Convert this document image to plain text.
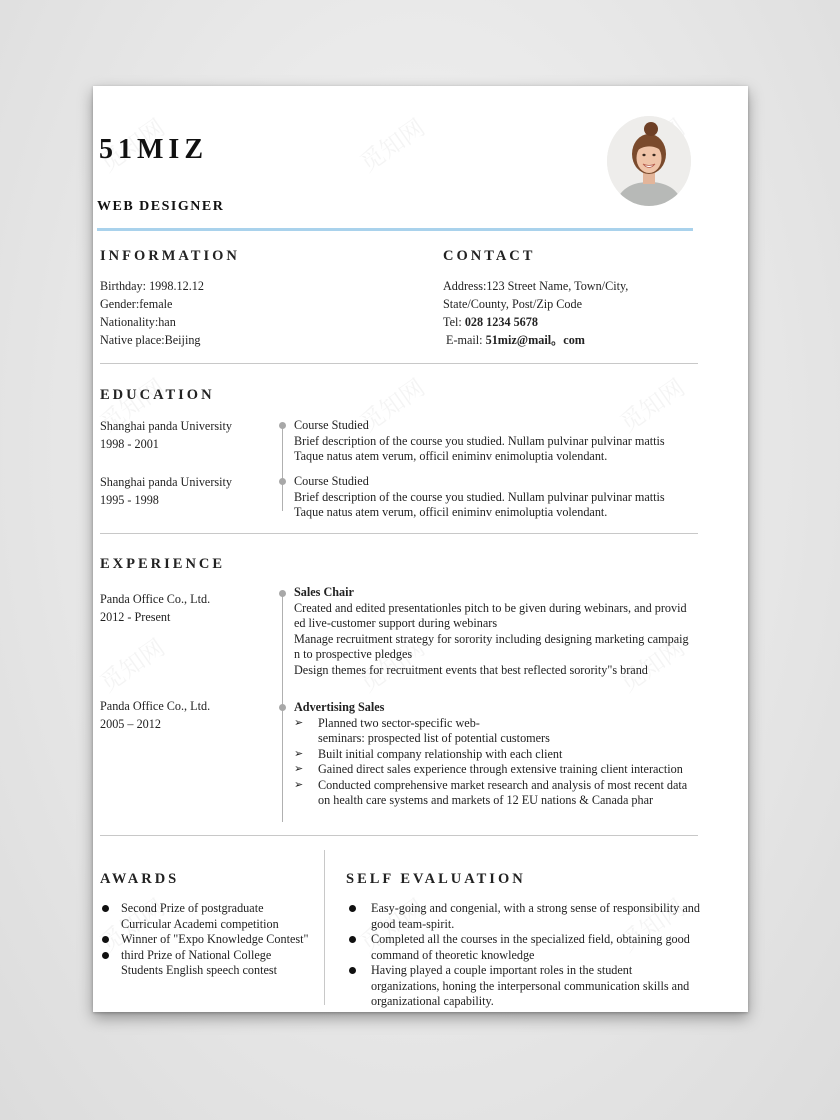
51MIZ
WEB DESIGNER
INFORMATION
Birthday: 1998.12.12
Gender:female
Nationality:han
Native place:Beijing
CONTACT
Address:123 Street Name, Town/City,
State/County, Post/Zip Code
Tel: 028 1234 5678
E-mail: 51miz@mail。com
EDUCATION
Shanghai panda University
1998 - 2001
Course Studied
Brief description of the course you studied. Nullam pulvinar pulvinar mattis
Taque natus atem verum, officil eniminv enimoluptia volendant.
Shanghai panda University
1995 - 1998
Course Studied
Brief description of the course you studied. Nullam pulvinar pulvinar mattis
Taque natus atem verum, officil eniminv enimoluptia volendant.
EXPERIENCE
Panda Office Co., Ltd.
2012 - Present
Sales Chair
Created and edited presentationles pitch to be given during webinars, and provid
ed live-customer support during webinars
Manage recruitment strategy for sorority including designing marketing campaig
n to prospective pledges
Design themes for recruitment events that best reflected sorority"s brand
Panda Office Co., Ltd.
2005 – 2012
Advertising Sales
➢ Planned two sector-specific web-
seminars: prospected list of potential customers
➢ Built initial company relationship with each client
➢ Gained direct sales experience through extensive training client interaction
➢ Conducted comprehensive market research and analysis of most recent data
on health care systems and markets of 12 EU nations & Canada phar
AWARDS
Second Prize of postgraduate
Curricular Academi competition
Winner of "Expo Knowledge Contest"
third Prize of National College
Students English speech contest
SELF EVALUATION
Easy-going and congenial, with a strong sense of responsibility and
good team-spirit.
Completed all the courses in the specialized field, obtaining good
command of theoretic knowledge
Having played a couple important roles in the student
organizations, honing the interpersonal communication skills and
organizational capability.
